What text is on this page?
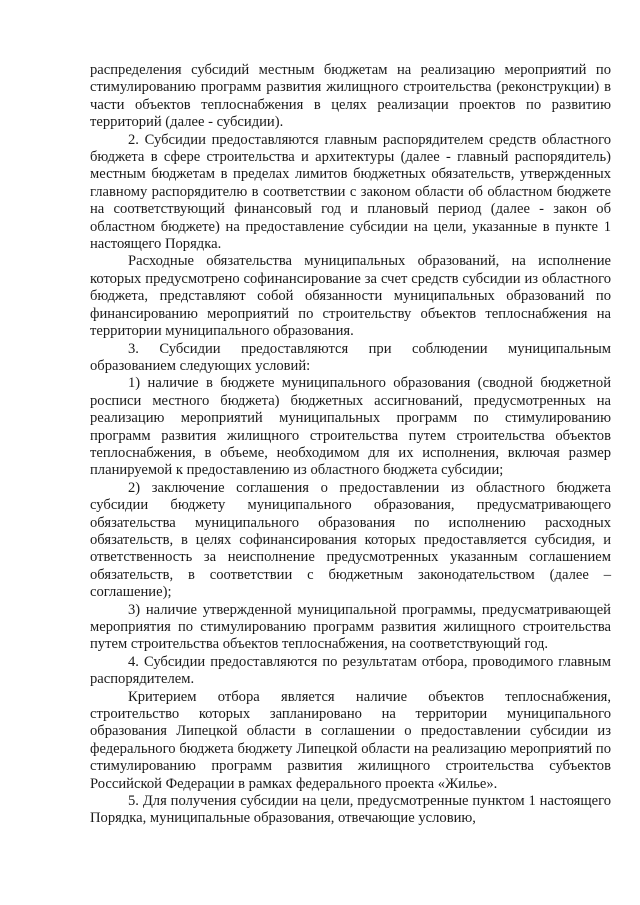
распределения субсидий местным бюджетам на реализацию мероприятий по стимулированию программ развития жилищного строительства (реконструкции) в части объектов теплоснабжения в целях реализации проектов по развитию территорий (далее - субсидии).

2. Субсидии предоставляются главным распорядителем средств областного бюджета в сфере строительства и архитектуры (далее - главный распорядитель) местным бюджетам в пределах лимитов бюджетных обязательств, утвержденных главному распорядителю в соответствии с законом области об областном бюджете на соответствующий финансовый год и плановый период (далее - закон об областном бюджете) на предоставление субсидии на цели, указанные в пункте 1 настоящего Порядка.

Расходные обязательства муниципальных образований, на исполнение которых предусмотрено софинансирование за счет средств субсидии из областного бюджета, представляют собой обязанности муниципальных образований по финансированию мероприятий по строительству объектов теплоснабжения на территории муниципального образования.

3. Субсидии предоставляются при соблюдении муниципальным образованием следующих условий:

1) наличие в бюджете муниципального образования (сводной бюджетной росписи местного бюджета) бюджетных ассигнований, предусмотренных на реализацию мероприятий муниципальных программ по стимулированию программ развития жилищного строительства путем строительства объектов теплоснабжения, в объеме, необходимом для их исполнения, включая размер планируемой к предоставлению из областного бюджета субсидии;

2) заключение соглашения о предоставлении из областного бюджета субсидии бюджету муниципального образования, предусматривающего обязательства муниципального образования по исполнению расходных обязательств, в целях софинансирования которых предоставляется субсидия, и ответственность за неисполнение предусмотренных указанным соглашением обязательств, в соответствии с бюджетным законодательством (далее – соглашение);

3) наличие утвержденной муниципальной программы, предусматривающей мероприятия по стимулированию программ развития жилищного строительства путем строительства объектов теплоснабжения, на соответствующий год.

4. Субсидии предоставляются по результатам отбора, проводимого главным распорядителем.

Критерием отбора является наличие объектов теплоснабжения, строительство которых запланировано на территории муниципального образования Липецкой области в соглашении о предоставлении субсидии из федерального бюджета бюджету Липецкой области на реализацию мероприятий по стимулированию программ развития жилищного строительства субъектов Российской Федерации в рамках федерального проекта «Жилье».

5. Для получения субсидии на цели, предусмотренные пунктом 1 настоящего Порядка, муниципальные образования, отвечающие условию,
